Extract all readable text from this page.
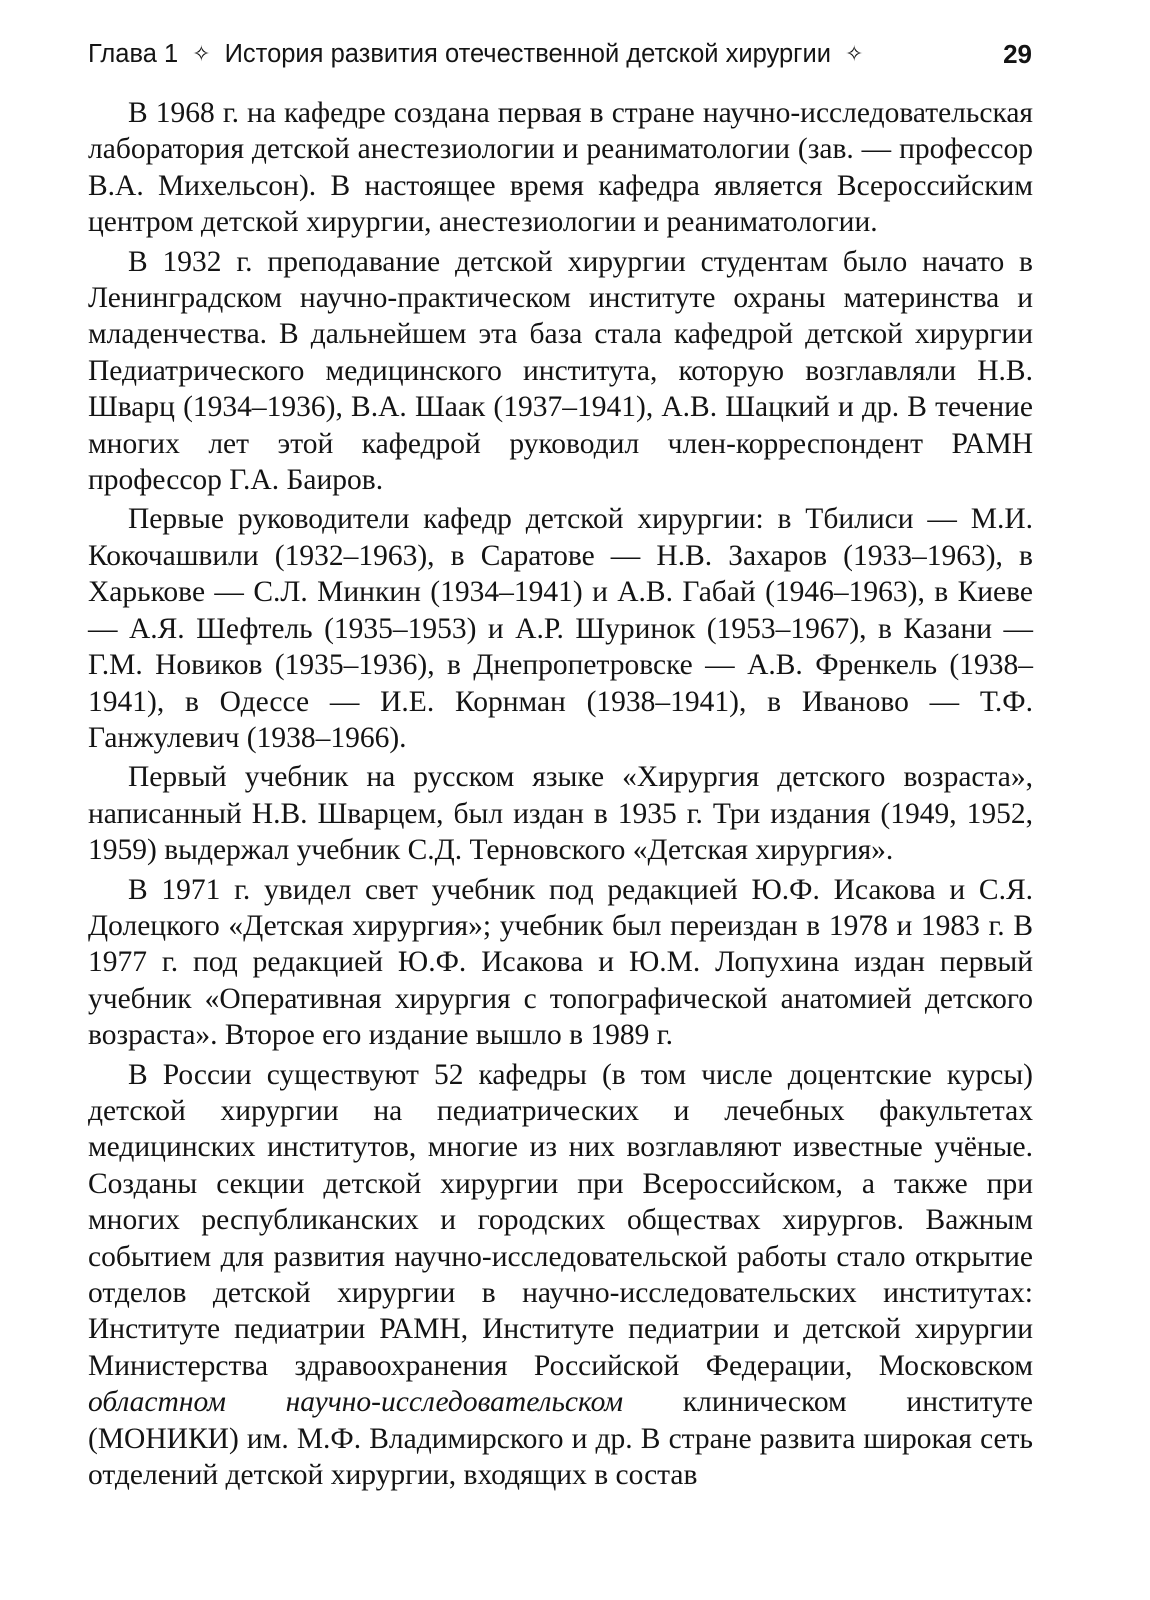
Глава 1 ✧ История развития отечественной детской хирургии ✧	29

В 1968 г. на кафедре создана первая в стране научно-исследовательская лаборатория детской анестезиологии и реаниматологии (зав. — профессор В.А. Михельсон). В настоящее время кафедра является Всероссийским центром детской хирургии, анестезиологии и реаниматологии.

В 1932 г. преподавание детской хирургии студентам было начато в Ленинградском научно-практическом институте охраны материнства и младенчества. В дальнейшем эта база стала кафедрой детской хирургии Педиатрического медицинского института, которую возглавляли Н.В. Шварц (1934–1936), В.А. Шаак (1937–1941), А.В. Шацкий и др. В течение многих лет этой кафедрой руководил член-корреспондент РАМН профессор Г.А. Баиров.

Первые руководители кафедр детской хирургии: в Тбилиси — М.И. Кокочашвили (1932–1963), в Саратове — Н.В. Захаров (1933–1963), в Харькове — С.Л. Минкин (1934–1941) и А.В. Габай (1946–1963), в Киеве — А.Я. Шефтель (1935–1953) и А.Р. Шуринок (1953–1967), в Казани — Г.М. Новиков (1935–1936), в Днепропетровске — А.В. Френкель (1938–1941), в Одессе — И.Е. Корнман (1938–1941), в Иваново — Т.Ф. Ганжулевич (1938–1966).

Первый учебник на русском языке «Хирургия детского возраста», написанный Н.В. Шварцем, был издан в 1935 г. Три издания (1949, 1952, 1959) выдержал учебник С.Д. Терновского «Детская хирургия».

В 1971 г. увидел свет учебник под редакцией Ю.Ф. Исакова и С.Я. Долецкого «Детская хирургия»; учебник был переиздан в 1978 и 1983 г. В 1977 г. под редакцией Ю.Ф. Исакова и Ю.М. Лопухина издан первый учебник «Оперативная хирургия с топографической анатомией детского возраста». Второе его издание вышло в 1989 г.

В России существуют 52 кафедры (в том числе доцентские курсы) детской хирургии на педиатрических и лечебных факультетах медицинских институтов, многие из них возглавляют известные учёные. Созданы секции детской хирургии при Всероссийском, а также при многих республиканских и городских обществах хирургов. Важным событием для развития научно-исследовательской работы стало открытие отделов детской хирургии в научно-исследовательских институтах: Институте педиатрии РАМН, Институте педиатрии и детской хирургии Министерства здравоохранения Российской Федерации, Московском областном научно-исследовательском клиническом институте (МОНИКИ) им. М.Ф. Владимирского и др. В стране развита широкая сеть отделений детской хирургии, входящих в состав
